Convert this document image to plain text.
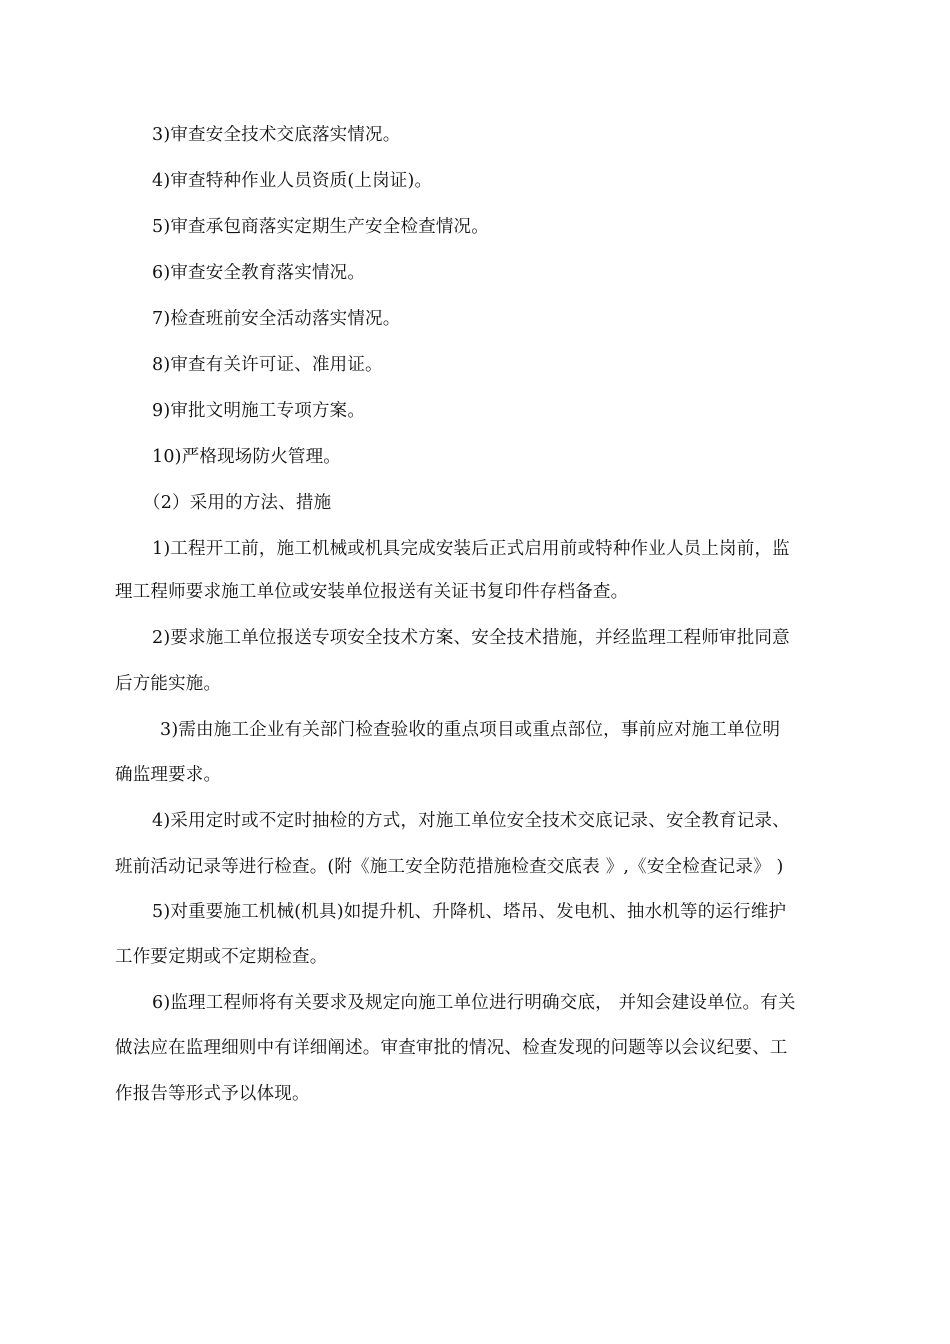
3)审查安全技术交底落实情况。
4)审查特种作业人员资质(上岗证)。
5)审查承包商落实定期生产安全检查情况。
6)审查安全教育落实情况。
7)检查班前安全活动落实情况。
8)审查有关许可证、准用证。
9)审批文明施工专项方案。
10)严格现场防火管理。
（2）采用的方法、措施
1)工程开工前，施工机械或机具完成安装后正式启用前或特种作业人员上岗前，监
理工程师要求施工单位或安装单位报送有关证书复印件存档备查。
2)要求施工单位报送专项安全技术方案、安全技术措施，并经监理工程师审批同意
后方能实施。
3)需由施工企业有关部门检查验收的重点项目或重点部位，事前应对施工单位明
确监理要求。
4)采用定时或不定时抽检的方式，对施工单位安全技术交底记录、安全教育记录、
班前活动记录等进行检查。(附《施工安全防范措施检查交底表 》,《安全检查记录》 )
5)对重要施工机械(机具)如提升机、升降机、塔吊、发电机、抽水机等的运行维护
工作要定期或不定期检查。
6)监理工程师将有关要求及规定向施工单位进行明确交底， 并知会建设单位。有关
做法应在监理细则中有详细阐述。审查审批的情况、检查发现的问题等以会议纪要、工
作报告等形式予以体现。
